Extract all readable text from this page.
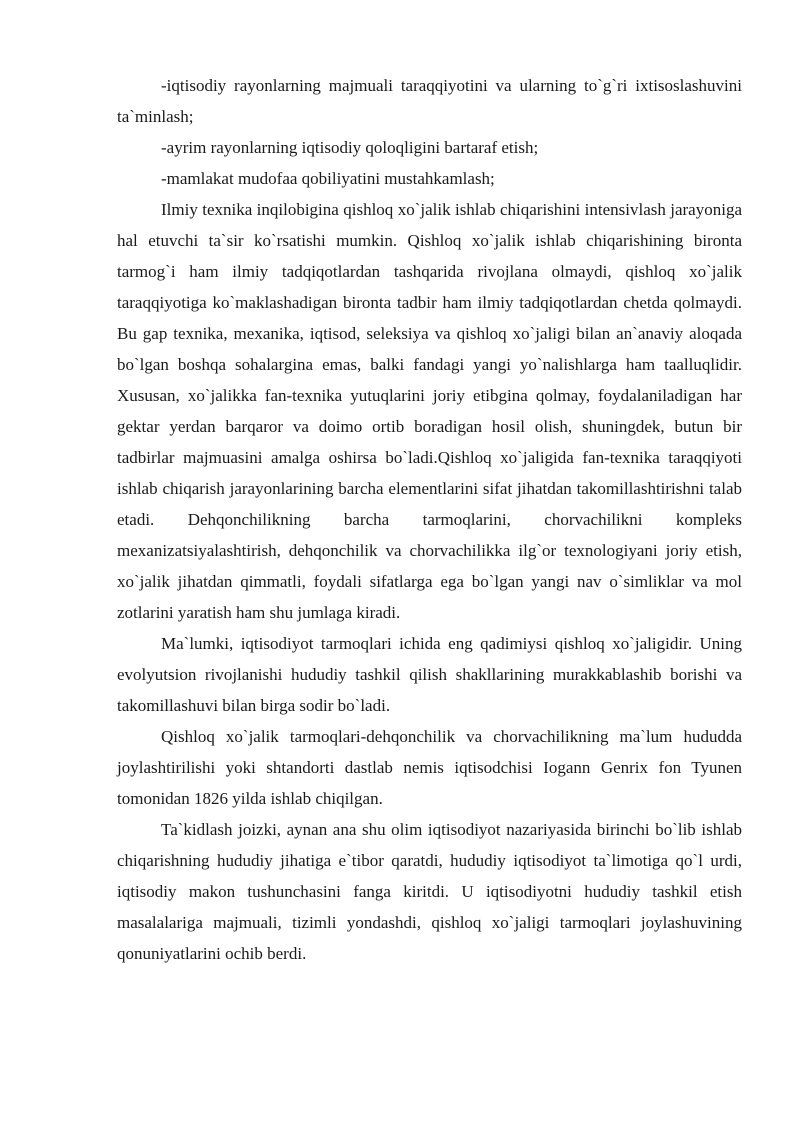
-iqtisodiy rayonlarning majmuali taraqqiyotini va ularning to`g`ri ixtisoslashuvini ta`minlash;

-ayrim rayonlarning iqtisodiy qoloqligini bartaraf etish;

-mamlakat mudofaa qobiliyatini mustahkamlash;

Ilmiy texnika inqilobigina qishloq xo`jalik ishlab chiqarishini intensivlash jarayoniga hal etuvchi ta`sir ko`rsatishi mumkin. Qishloq xo`jalik ishlab chiqarishining bironta tarmog`i ham ilmiy tadqiqotlardan tashqarida rivojlana olmaydi, qishloq xo`jalik taraqqiyotiga ko`maklashadigan bironta tadbir ham ilmiy tadqiqotlardan chetda qolmaydi. Bu gap texnika, mexanika, iqtisod, seleksiya va qishloq xo`jaligi bilan an`anaviy aloqada bo`lgan boshqa sohalargina emas, balki fandagi yangi yo`nalishlarga ham taalluqlidir. Xususan, xo`jalikka fan-texnika yutuqlarini joriy etibgina qolmay, foydalaniladigan har gektar yerdan barqaror va doimo ortib boradigan hosil olish, shuningdek, butun bir tadbirlar majmuasini amalga oshirsa bo`ladi.Qishloq xo`jaligida fan-texnika taraqqiyoti ishlab chiqarish jarayonlarining barcha elementlarini sifat jihatdan takomillashtirishni talab etadi. Dehqonchilikning barcha tarmoqlarini, chorvachilikni kompleks mexanizatsiyalashtirish, dehqonchilik va chorvachilikka ilg`or texnologiyani joriy etish, xo`jalik jihatdan qimmatli, foydali sifatlarga ega bo`lgan yangi nav o`simliklar va mol zotlarini yaratish ham shu jumlaga kiradi.

Ma`lumki, iqtisodiyot tarmoqlari ichida eng qadimiysi qishloq xo`jaligidir. Uning evolyutsion rivojlanishi hududiy tashkil qilish shakllarining murakkablashib borishi va takomillashuvi bilan birga sodir bo`ladi.

Qishloq xo`jalik tarmoqlari-dehqonchilik va chorvachilikning ma`lum hududda joylashtirilishi yoki shtandorti dastlab nemis iqtisodchisi Iogann Genrix fon Tyunen tomonidan 1826 yilda ishlab chiqilgan.

Ta`kidlash joizki, aynan ana shu olim iqtisodiyot nazariyasida birinchi bo`lib ishlab chiqarishning hududiy jihatiga e`tibor qaratdi, hududiy iqtisodiyot ta`limotiga qo`l urdi, iqtisodiy makon tushunchasini fanga kiritdi. U iqtisodiyotni hududiy tashkil etish masalalariga majmuali, tizimli yondashdi, qishloq xo`jaligi tarmoqlari joylashuvining qonuniyatlarini ochib berdi.
